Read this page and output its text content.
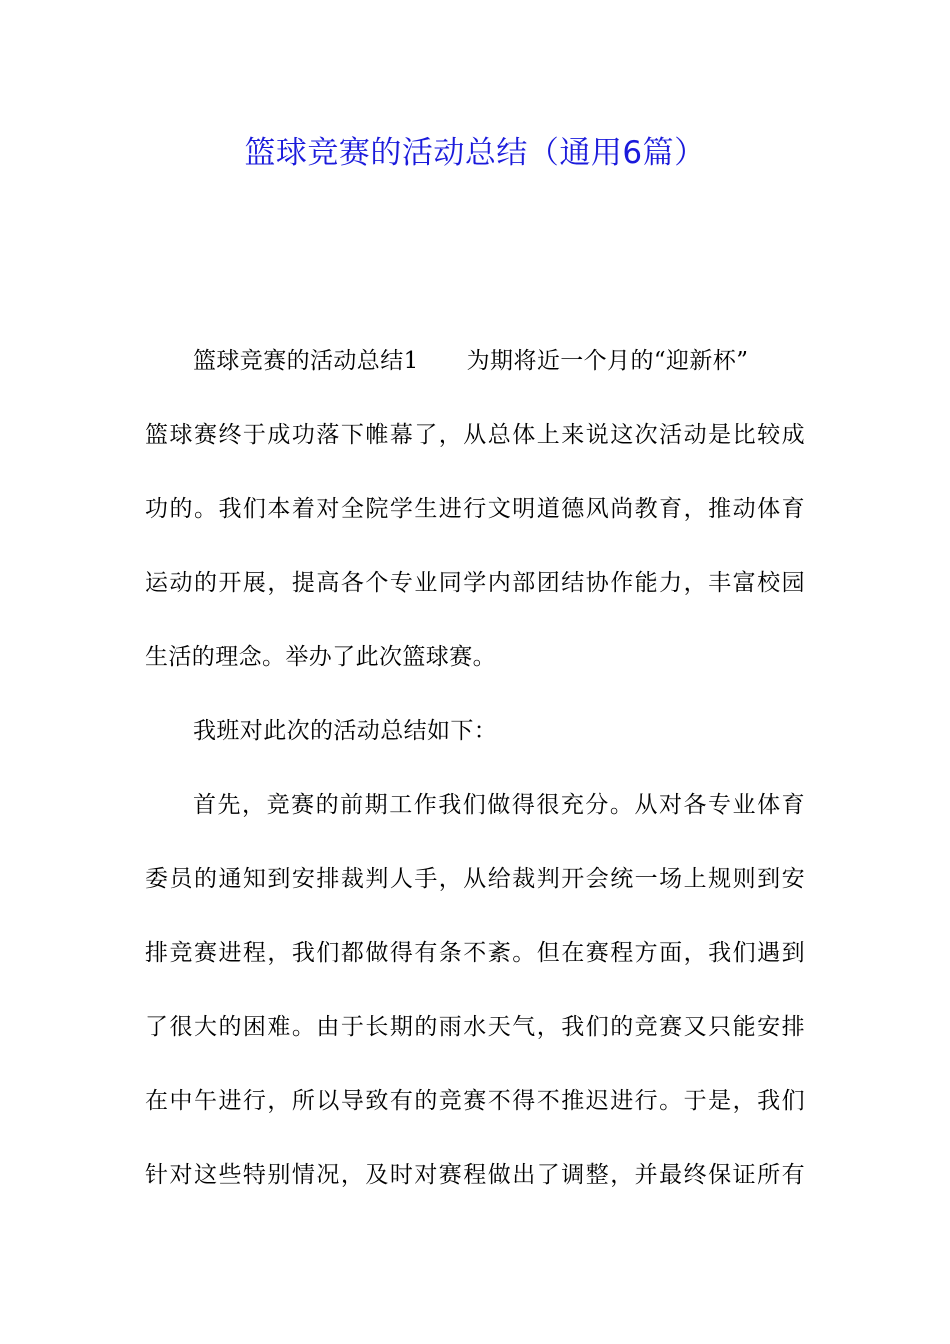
篮球竞赛的活动总结（通用6篇）

篮球竞赛的活动总结1 为期将近一个月的“迎新杯”
篮球赛终于成功落下帷幕了，从总体上来说这次活动是比较成
功的。我们本着对全院学生进行文明道德风尚教育，推动体育
运动的开展，提高各个专业同学内部团结协作能力，丰富校园
生活的理念。举办了此次篮球赛。

我班对此次的活动总结如下：

首先，竞赛的前期工作我们做得很充分。从对各专业体育
委员的通知到安排裁判人手，从给裁判开会统一场上规则到安
排竞赛进程，我们都做得有条不紊。但在赛程方面，我们遇到
了很大的困难。由于长期的雨水天气，我们的竞赛又只能安排
在中午进行，所以导致有的竞赛不得不推迟进行。于是，我们
针对这些特别情况，及时对赛程做出了调整，并最终保证所有
